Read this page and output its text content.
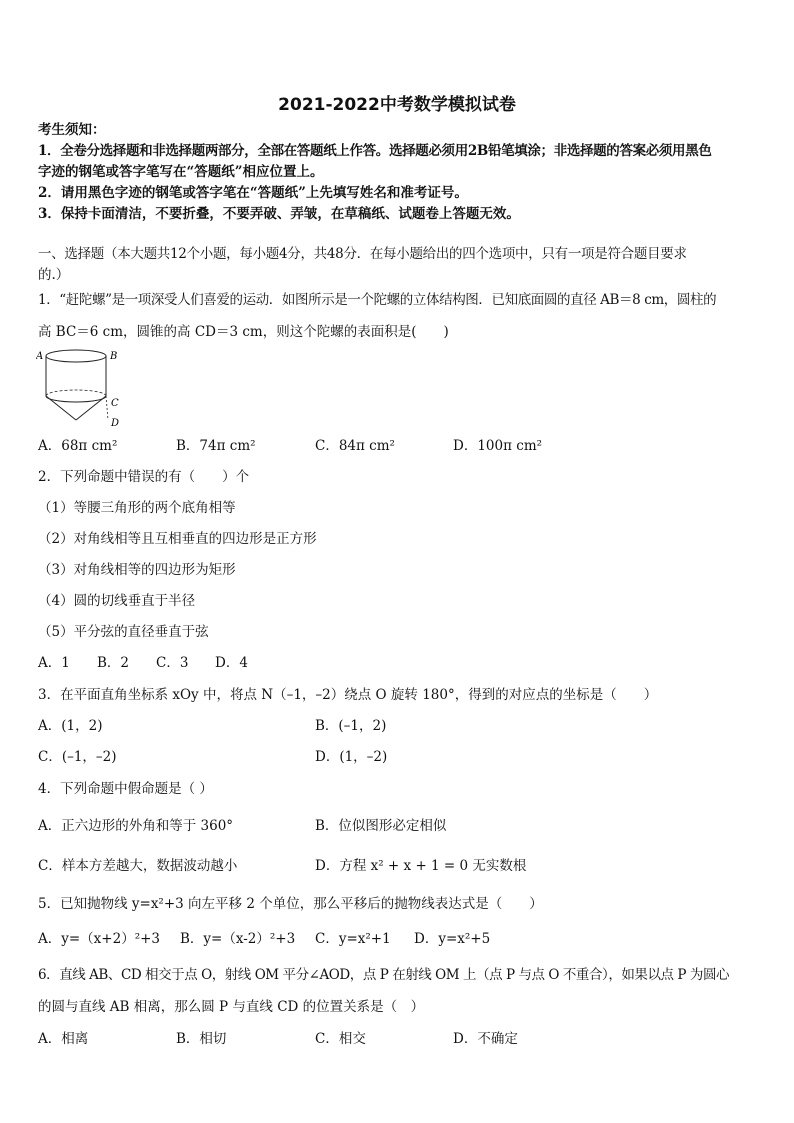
2021-2022中考数学模拟试卷
考生须知：
1．全卷分选择题和非选择题两部分，全部在答题纸上作答。选择题必须用2B铅笔填涂；非选择题的答案必须用黑色
字迹的钢笔或答字笔写在“答题纸”相应位置上。
2．请用黑色字迹的钢笔或答字笔在“答题纸”上先填写姓名和准考证号。
3．保持卡面清洁，不要折叠，不要弄破、弄皱，在草稿纸、试题卷上答题无效。
一、选择题（本大题共12个小题，每小题4分，共48分．在每小题给出的四个选项中，只有一项是符合题目要求
的.）
1．“赶陀螺”是一项深受人们喜爱的运动．如图所示是一个陀螺的立体结构图．已知底面圆的直径 AB＝8 cm，圆柱的
高 BC＝6 cm，圆锥的高 CD＝3 cm，则这个陀螺的表面积是(　　)
A	B
C
D
A．68π cm²	B．74π cm²	C．84π cm²	D．100π cm²
2．下列命题中错误的有（　　）个
（1）等腰三角形的两个底角相等
（2）对角线相等且互相垂直的四边形是正方形
（3）对角线相等的四边形为矩形
（4）圆的切线垂直于半径
（5）平分弦的直径垂直于弦
A．1 B．2 C．3 D．4
3．在平面直角坐标系 xOy 中，将点 N（–1，–2）绕点 O 旋转 180°，得到的对应点的坐标是（　　）
A．(1，2)	B．(–1，2)
C．(–1，–2)	D．(1，–2)
4．下列命题中假命题是（ ）
A．正六边形的外角和等于 360°	B．位似图形必定相似
C．样本方差越大，数据波动越小	D．方程 x² + x + 1 = 0 无实数根
5．已知抛物线 y=x²+3 向左平移 2 个单位，那么平移后的抛物线表达式是（　　）
A．y=（x+2）²+3 B．y=（x-2）²+3 C．y=x²+1 D．y=x²+5
6．直线 AB、CD 相交于点 O，射线 OM 平分∠AOD，点 P 在射线 OM 上（点 P 与点 O 不重合），如果以点 P 为圆心
的圆与直线 AB 相离，那么圆 P 与直线 CD 的位置关系是（　）
A．相离	B．相切	C．相交	D．不确定
